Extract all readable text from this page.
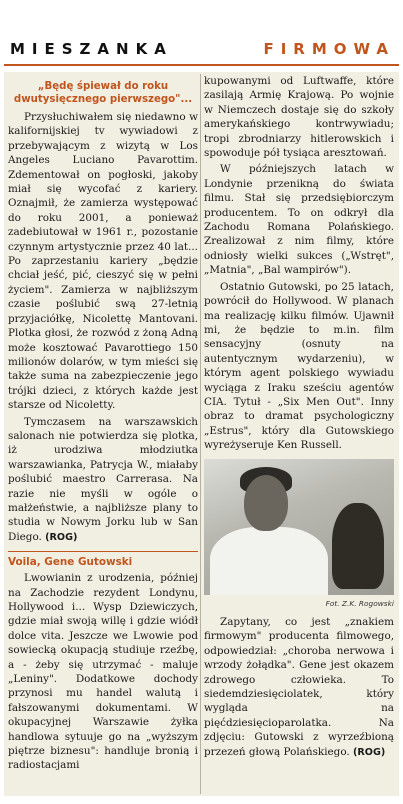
MIESZANKA	FIRMOWA
„Będę śpiewał do roku dwutysięcznego pierwszego"...

Przysłuchiwałem się niedawno w kalifornijskiej tv wywiadowi z przebywającym z wizytą w Los Angeles Luciano Pavarottim. Zdementował on pogłoski, jakoby miał się wycofać z kariery. Oznajmił, że zamierza występować do roku 2001, a ponieważ zadebiutował w 1961 r., pozostanie czynnym artystycznie przez 40 lat... Po zaprzestaniu kariery „będzie chciał jeść, pić, cieszyć się w pełni życiem". Zamierza w najbliższym czasie poślubić swą 27-letnią przyjaciółkę, Nicolettę Mantovani. Plotka głosi, że rozwód z żoną Adną może kosztować Pavarottiego 150 milionów dolarów, w tym mieści się także suma na zabezpieczenie jego trójki dzieci, z których każde jest starsze od Nicoletty.

Tymczasem na warszawskich salonach nie potwierdza się plotka, iż urodziwa młodziutka warszawianka, Patrycja W., miałaby poślubić maestro Carrerasa. Na razie nie myśli w ogóle o małżeństwie, a najbliższe plany to studia w Nowym Jorku lub w San Diego. (ROG)

Voila, Gene Gutowski

Lwowianin z urodzenia, później na Zachodzie rezydent Londynu, Hollywood i... Wysp Dziewiczych, gdzie miał swoją willę i gdzie wiódł dolce vita. Jeszcze we Lwowie pod sowiecką okupacją studiuje rzeźbę, a - żeby się utrzymać - maluje „Leniny". Dodatkowe dochody przynosi mu handel walutą i fałszowanymi dokumentami. W okupacyjnej Warszawie żyłka handlowa sytuuje go na „wyższym piętrze biznesu": handluje bronią i radiostacjami

kupowanymi od Luftwaffe, które zasilają Armię Krajową. Po wojnie w Niemczech dostaje się do szkoły amerykańskiego kontrwywiadu; tropi zbrodniarzy hitlerowskich i spowoduje pół tysiąca aresztowań.

W późniejszych latach w Londynie przenikną do świata filmu. Stał się przedsiębiorczym producentem. To on odkrył dla Zachodu Romana Polańskiego. Zrealizował z nim filmy, które odniosły wielki sukces („Wstręt", „Matnia", „Bal wampirów").

Ostatnio Gutowski, po 25 latach, powrócił do Hollywood. W planach ma realizację kilku filmów. Ujawnił mi, że będzie to m.in. film sensacyjny (osnuty na autentycznym wydarzeniu), w którym agent polskiego wywiadu wyciąga z Iraku sześciu agentów CIA. Tytuł - „Six Men Out". Inny obraz to dramat psychologiczny „Estrus", który dla Gutowskiego wyreżyseruje Ken Russell.

Fot. Z.K. Rogowski

Zapytany, co jest „znakiem firmowym" producenta filmowego, odpowiedział: „choroba nerwowa i wrzody żołądka". Gene jest okazem zdrowego człowieka. To siedemdziesięciolatek, który wygląda na pięćdziesięcioparolatka. Na zdjęciu: Gutowski z wyrzeźbioną przezeń głową Polańskiego. (ROG)
